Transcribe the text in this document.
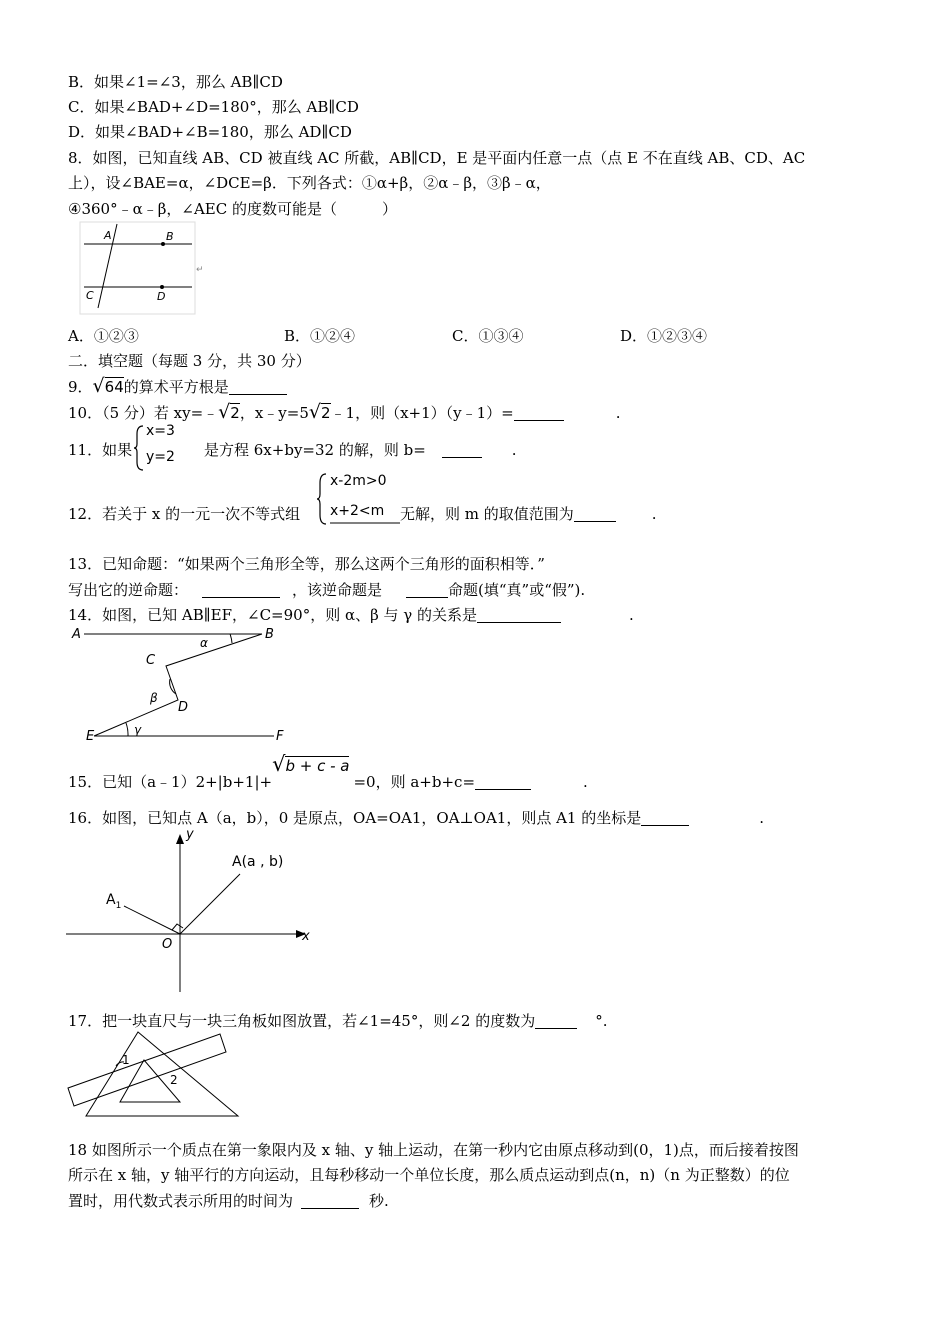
B．如果∠1=∠3，那么 AB∥CD
C．如果∠BAD+∠D=180°，那么 AB∥CD
D．如果∠BAD+∠B=180，那么 AD∥CD
8．如图，已知直线 AB、CD 被直线 AC 所截，AB∥CD，E 是平面内任意一点（点 E 不在直线 AB、CD、AC
上），设∠BAE=α，∠DCE=β．下列各式：①α+β，②α﹣β，③β﹣α，
④360°﹣α﹣β，∠AEC 的度数可能是（　　　）
A	B
C	D
↵
A．①②③	B．①②④	C．①③④	D．①②③④
二．填空题（每题 3 分，共 30 分）
9．√64的算术平方根是
10．（5 分）若 xy=﹣√2，x﹣y=5√2﹣1，则（x+1）（y﹣1）=	.
11．如果
x=3
y=2 是方程 6x+by=32 的解，则 b=	.
12．若关于 x 的一元一次不等式组
x-2m>0
x+2<m 无解，则 m 的取值范围为	.
13．已知命题：“如果两个三角形全等，那么这两个三角形的面积相等．”
写出它的逆命题：	，该逆命题是	命题(填“真”或“假”).
14．如图，已知 AB∥EF，∠C=90°，则 α、β 与 γ 的关系是	.
A	B
C
D
E	F
α
β
γ
15．已知（a﹣1）2+|b+1|+√b + c - a=0，则 a+b+c=	.
16．如图，已知点 A（a，b），0 是原点，OA=OA1，OA⊥OA1，则点 A1 的坐标是	.
y
x
O
A(a , b)
$A_1$
17．把一块直尺与一块三角板如图放置，若∠1=45°，则∠2 的度数为	°.
1
2
18 如图所示一个质点在第一象限内及 x 轴、y 轴上运动，在第一秒内它由原点移动到(0，1)点，而后接着按图
所示在 x 轴，y 轴平行的方向运动，且每秒移动一个单位长度，那么质点运动到点(n，n)（n 为正整数）的位
置时，用代数式表示所用的时间为	秒.
